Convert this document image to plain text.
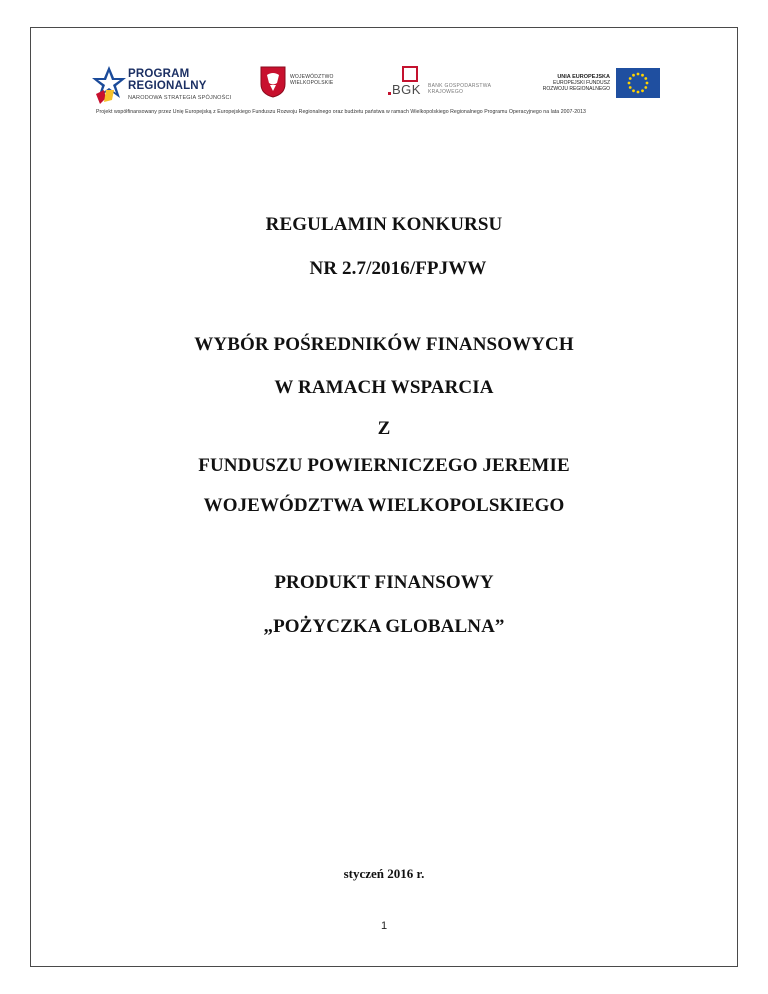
PROGRAM
REGIONALNY
NARODOWA STRATEGIA SPÓJNOŚCI
WOJEWÓDZTWO
WIELKOPOLSKIE	BGK BANK GOSPODARSTWA
KRAJOWEGO
UNIA EUROPEJSKA
EUROPEJSKI FUNDUSZ
ROZWOJU REGIONALNEGO
Projekt współfinansowany przez Unię Europejską z Europejskiego Funduszu Rozwoju Regionalnego oraz budżetu państwa w ramach Wielkopolskiego Regionalnego Programu Operacyjnego na lata 2007-2013
REGULAMIN KONKURSU
NR 2.7/2016/FPJWW
WYBÓR POŚREDNIKÓW FINANSOWYCH
W RAMACH WSPARCIA
Z
FUNDUSZU POWIERNICZEGO JEREMIE
WOJEWÓDZTWA WIELKOPOLSKIEGO
PRODUKT FINANSOWY
„POŻYCZKA GLOBALNA”
styczeń 2016 r.
1
